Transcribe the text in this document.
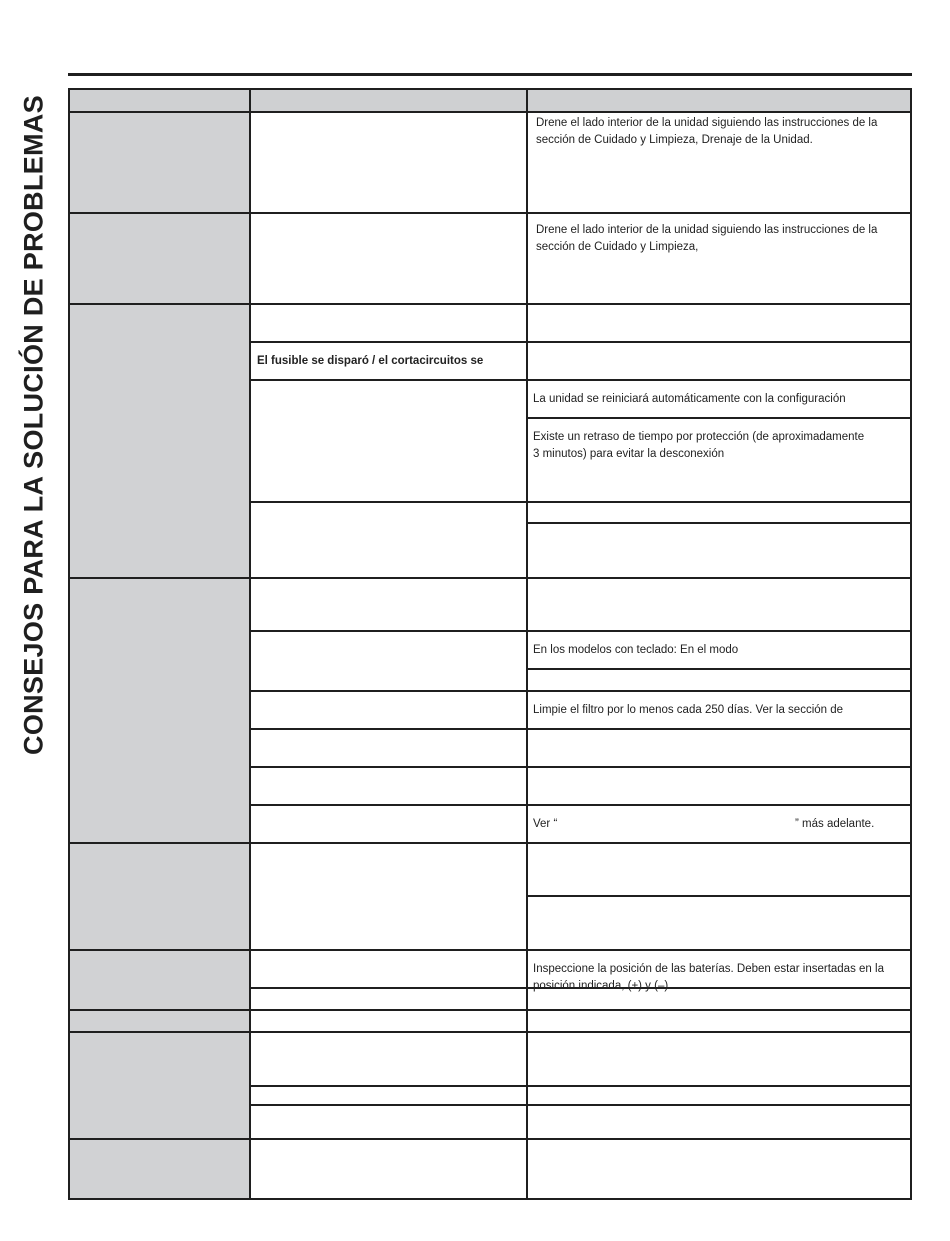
CONSEJOS PARA LA SOLUCIÓN DE PROBLEMAS	Drene el lado interior de la unidad siguiendo las instrucciones de la sección de Cuidado y Limpieza, Drenaje de la Unidad.
Drene el lado interior de la unidad siguiendo las instrucciones de la sección de Cuidado y Limpieza,
El fusible se disparó / el cortacircuitos se
La unidad se reiniciará automáticamente con la configuración
Existe un retraso de tiempo por protección (de aproximadamente 3 minutos) para evitar la desconexión
En los modelos con teclado: En el modo
Limpie el filtro por lo menos cada 250 días. Ver la sección de
Ver “	” más adelante.
Inspeccione la posición de las baterías. Deben estar insertadas en la posición indicada, (+) y (–).
